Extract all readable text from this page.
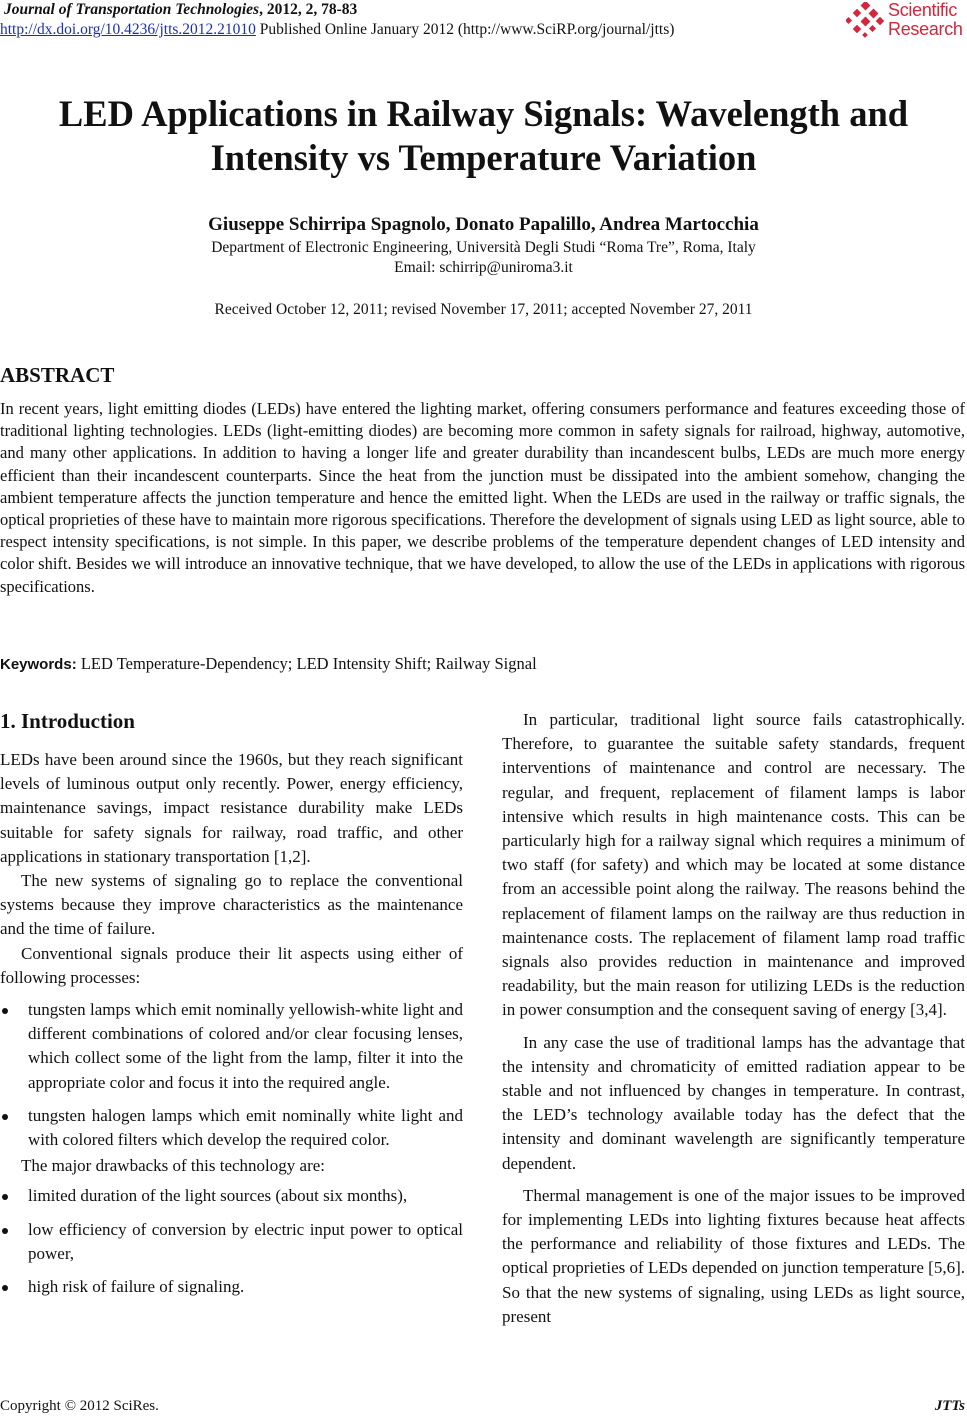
Journal of Transportation Technologies, 2012, 2, 78-83
http://dx.doi.org/10.4236/jtts.2012.21010 Published Online January 2012 (http://www.SciRP.org/journal/jtts)
Scientific
Research
LED Applications in Railway Signals: Wavelength and
Intensity vs Temperature Variation
Giuseppe Schirripa Spagnolo, Donato Papalillo, Andrea Martocchia
Department of Electronic Engineering, Università Degli Studi “Roma Tre”, Roma, Italy
Email: schirrip@uniroma3.it
Received October 12, 2011; revised November 17, 2011; accepted November 27, 2011
ABSTRACT
In recent years, light emitting diodes (LEDs) have entered the lighting market, offering consumers performance and features exceeding those of traditional lighting technologies. LEDs (light-emitting diodes) are becoming more common in safety signals for railroad, highway, automotive, and many other applications. In addition to having a longer life and greater durability than incandescent bulbs, LEDs are much more energy efficient than their incandescent counterparts. Since the heat from the junction must be dissipated into the ambient somehow, changing the ambient temperature affects the junction temperature and hence the emitted light. When the LEDs are used in the railway or traffic signals, the optical proprieties of these have to maintain more rigorous specifications. Therefore the development of signals using LED as light source, able to respect intensity specifications, is not simple. In this paper, we describe problems of the temperature dependent changes of LED intensity and color shift. Besides we will introduce an innovative technique, that we have developed, to allow the use of the LEDs in applications with rigorous specifications.
Keywords: LED Temperature-Dependency; LED Intensity Shift; Railway Signal
1. Introduction

LEDs have been around since the 1960s, but they reach significant levels of luminous output only recently. Power, energy efficiency, maintenance savings, impact resistance durability make LEDs suitable for safety signals for railway, road traffic, and other applications in stationary transportation [1,2].

The new systems of signaling go to replace the conventional systems because they improve characteristics as the maintenance and the time of failure.

Conventional signals produce their lit aspects using either of following processes:

tungsten lamps which emit nominally yellowish-white light and different combinations of colored and/or clear focusing lenses, which collect some of the light from the lamp, filter it into the appropriate color and focus it into the required angle.
tungsten halogen lamps which emit nominally white light and with colored filters which develop the required color.

The major drawbacks of this technology are:

limited duration of the light sources (about six months),
low efficiency of conversion by electric input power to optical power,
high risk of failure of signaling.

In particular, traditional light source fails catastrophically. Therefore, to guarantee the suitable safety standards, frequent interventions of maintenance and control are necessary. The regular, and frequent, replacement of filament lamps is labor intensive which results in high maintenance costs. This can be particularly high for a railway signal which requires a minimum of two staff (for safety) and which may be located at some distance from an accessible point along the railway. The reasons behind the replacement of filament lamps on the railway are thus reduction in maintenance costs. The replacement of filament lamp road traffic signals also provides reduction in maintenance and improved readability, but the main reason for utilizing LEDs is the reduction in power consumption and the consequent saving of energy [3,4].

In any case the use of traditional lamps has the advantage that the intensity and chromaticity of emitted radiation appear to be stable and not influenced by changes in temperature. In contrast, the LED’s technology available today has the defect that the intensity and dominant wavelength are significantly temperature dependent.

Thermal management is one of the major issues to be improved for implementing LEDs into lighting fixtures because heat affects the performance and reliability of those fixtures and LEDs. The optical proprieties of LEDs depended on junction temperature [5,6]. So that the new systems of signaling, using LEDs as light source, present

Copyright © 2012 SciRes.	JTTs
